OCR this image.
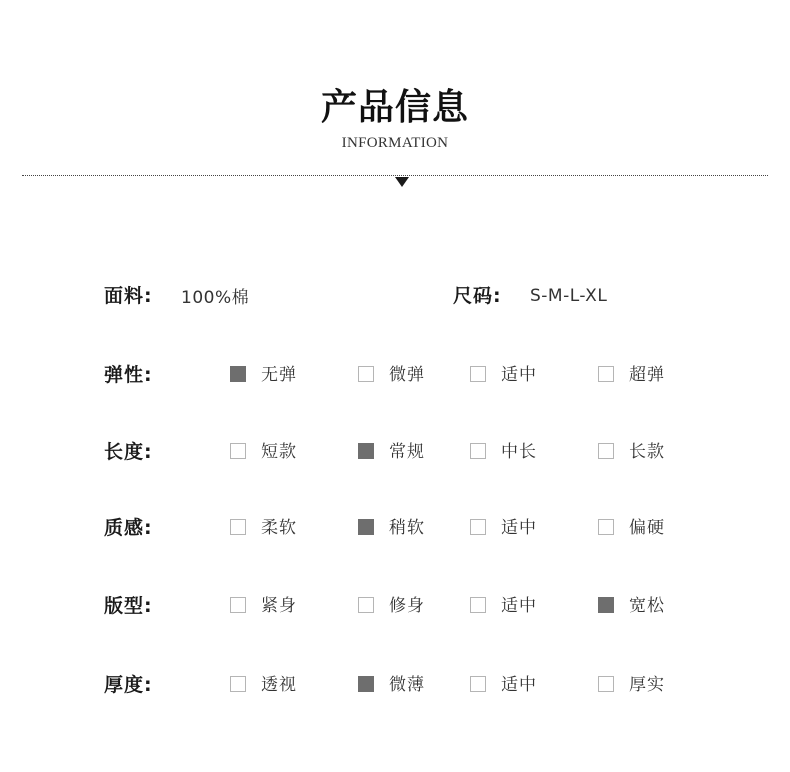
产品信息
INFORMATION
面料: 100%棉	尺码: S-M-L-XL
弹性:	无弹	微弹	适中	超弹
长度:	短款	常规	中长	长款
质感:	柔软	稍软	适中	偏硬
版型:	紧身	修身	适中	宽松
厚度:	透视	微薄	适中	厚实
